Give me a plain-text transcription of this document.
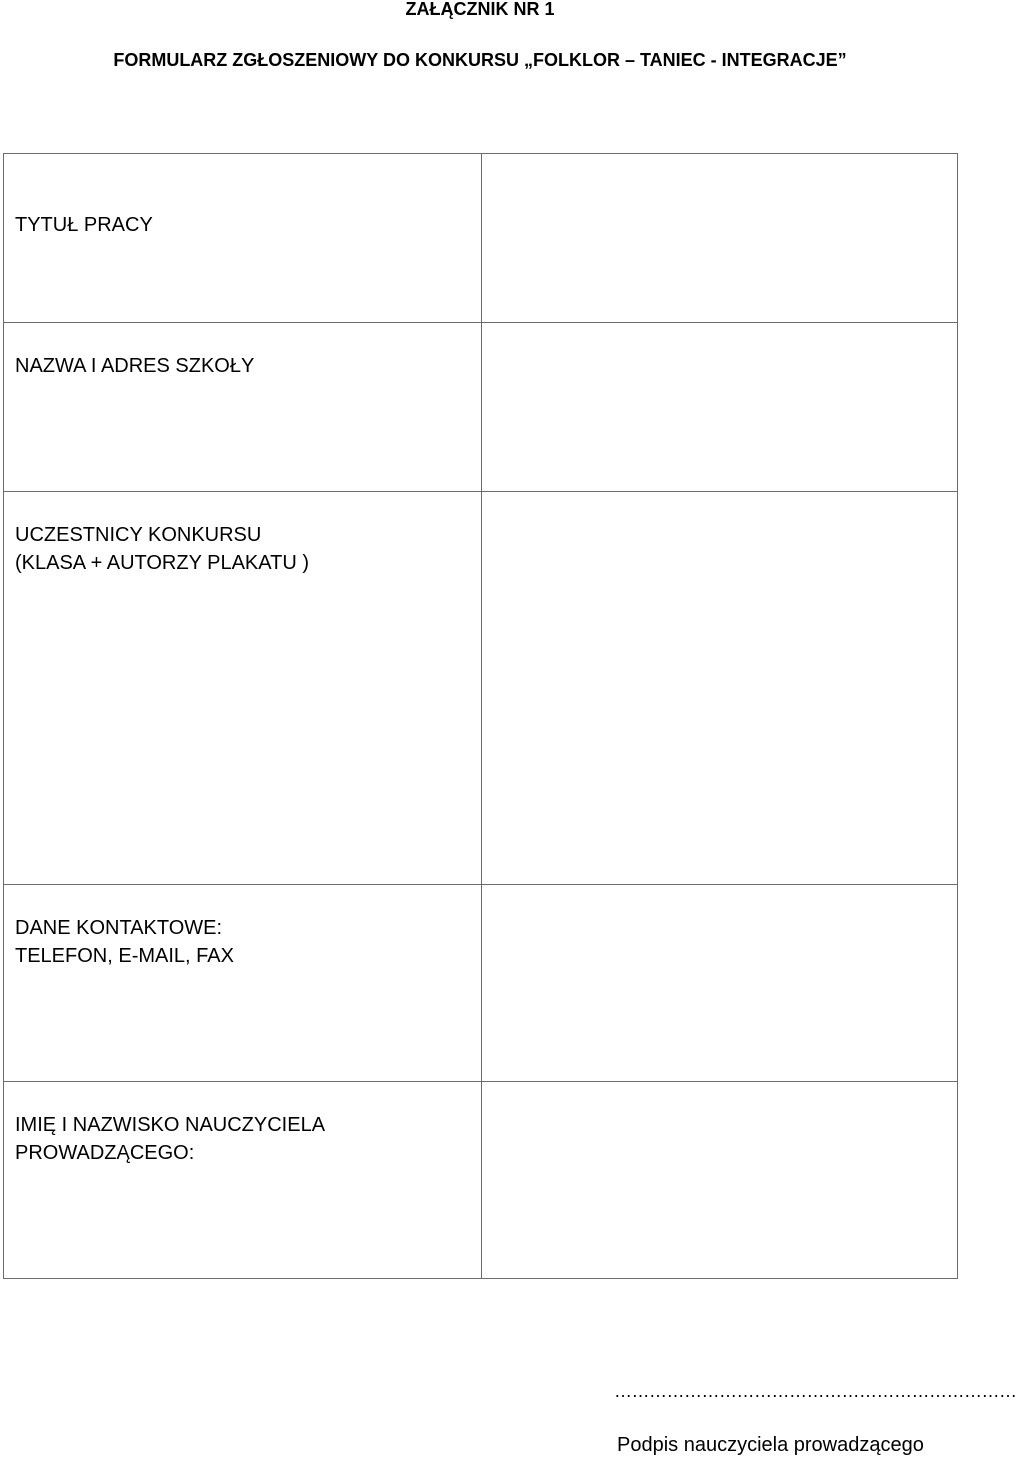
ZAŁĄCZNIK NR 1
FORMULARZ ZGŁOSZENIOWY DO KONKURSU „FOLKLOR – TANIEC - INTEGRACJE”
TYTUŁ PRACY	

NAZWA I ADRES SZKOŁY	

UCZESTNICY KONKURSU
(KLASA + AUTORZY PLAKATU )	

DANE KONTAKTOWE:
TELEFON, E-MAIL, FAX	

IMIĘ I NAZWISKO NAUCZYCIELA
PROWADZĄCEGO:	

……………………………………………………………
Podpis nauczyciela prowadzącego
